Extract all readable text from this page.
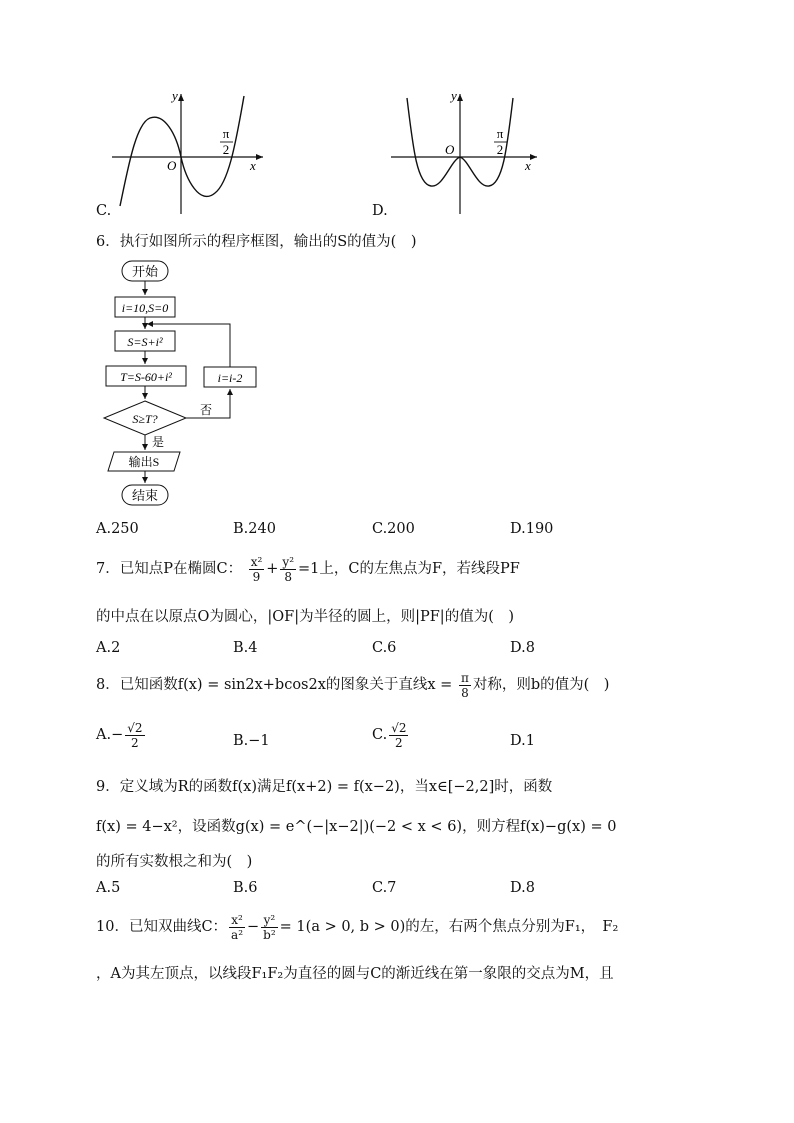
π
2
y
x
O
C.
π
2
y
x
O
D.
6．执行如图所示的程序框图，输出的S的值为(　)
开始
i=10,S=0
S=S+i²
T=S-60+i²	i=i-2
S≥T?
否
是
输出S
结束
A.250	B.240	C.200	D.190
7．已知点P在椭圆C： $\frac{\text{x²}}{9} + \frac{\text{y²}}{8} =1$上，C的左焦点为F，若线段PF
的中点在以原点O为圆心，|OF|为半径的圆上，则|PF|的值为(　)
A.2	B.4	C.6	D.8
8．已知函数f(x) = sin2x+bcos2x的图象关于直线$x = \frac{\pi}{8}$ 对称，则b的值为(　)
$A.- \frac{√2}{2}$	B.−1	C. $\frac{√2}{2}$	D.1
9．定义域为R的函数f(x)满足f(x+2) = f(x−2)，当x∈[−2,2]时，函数
f(x) = 4−x²，设函数g(x) = e^(−|x−2|)(−2 < x < 6)，则方程f(x)−g(x) = 0
的所有实数根之和为(　)
A.5	B.6	C.7	D.8
10．已知双曲线C： $\frac{\text{x²}}{\text{a²}} - \frac{\text{y²}}{\text{b²}} = 1(a > 0$, b > 0)的左，右两个焦点分别为F₁，　F₂
，A为其左顶点，以线段F₁F₂为直径的圆与C的渐近线在第一象限的交点为M，且
